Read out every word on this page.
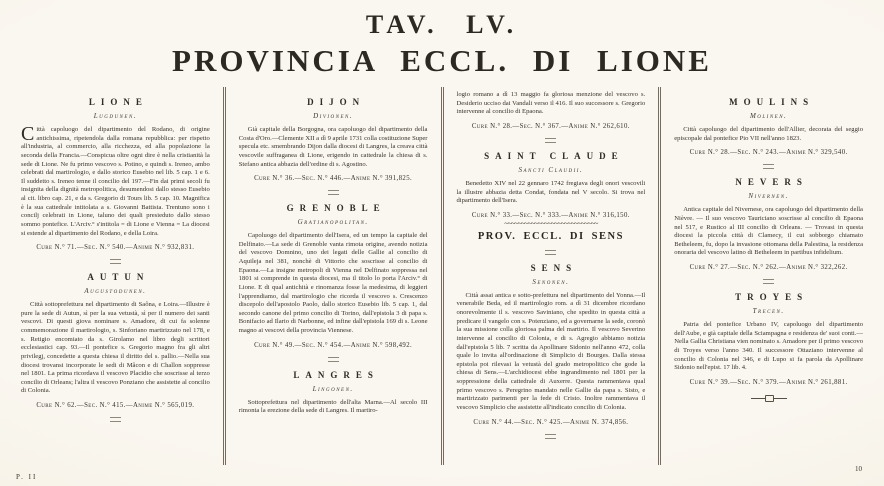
TAV. LV.
PROVINCIA ECCL. DI LIONE
LIONE
Lugdunen.

Città capoluogo del dipartimento del Rodano, di origine antichissima, ripetendola dalla romana repubblica: per rispetto all'industria, al commercio, alla ricchezza, ed alla popolazione la seconda della Francia.—Conspicua oltre ogni dire è nella cristianità la sede di Lione. Ne fu primo vescovo s. Potino, e quindi s. Ireneo, ambo celebrati dal martirologio, e dallo storico Eusebio nel lib. 5 cap. 1 e 6. Il suddetto s. Ireneo tenne il concilio del 197.—Fin dai primi secoli fu insignita della dignità metropolitica, desumendosi dallo stesso Eusebio al cit. libro cap. 21, e da s. Gregorio di Tours lib. 5 cap. 10. Magnifica è la sua cattedrale intitolata a s. Giovanni Battista. Trentuno sono i concilj celebrati in Lione, taluno dei quali presieduto dallo stesso sommo pontefice. L'Arciv.° s'intitola = di Lione e Vienna = La diocesi si estende al dipartimento del Rodano, e della Loira.

Cure N.° 71.—Sec. N.° 540.—Anime N.° 932,831.
AUTUN
Augustodunen.

Città sottoprefettura nel dipartimento di Saôna, e Loira.—Illustre è pure la sede di Autun, sì per la sua vetustà, sì per il numero dei santi vescovi. Di questi giova nominare s. Amadore, di cui fa solenne commemorazione il martirologio, s. Sinforiano martirizzato nel 178, e s. Retigio encomiato da s. Girolamo nel libro degli scrittori ecclesiastici cap. 93.—Il pontefice s. Gregorio magno fra gli altri privilegj, concedette a questa chiesa il diritto del s. pallio.—Nella sua diocesi trovansi incorporate le sedi di Mâcon e di Challon soppresse nel 1801. La prima ricordava il vescovo Placidio che soscrisse al terzo concilio di Orleans; l'altra il vescovo Ponziano che assistette al concilio di Colonia.

Cure N.° 62.—Sec. N.° 415.—Anime N.° 565,019.
DIJON
Divionen.

Già capitale della Borgogna, ora capoluogo del dipartimento della Costa d'Oro.—Clemente XII a dì 9 aprile 1731 colla costituzione Super specula etc. smembrando Dijon dalla diocesi di Langres, la creava città vescovile suffraganea di Lione, erigendo in cattedrale la chiesa di s. Stefano antica abbazia dell'ordine di s. Agostino.

Cure N.° 36.—Sec. N.° 446.—Anime N.° 391,825.
GRENOBLE
Gratianopolitan.

Capoluogo del dipartimento dell'Isera, ed un tempo la capitale del Delfinato.—La sede di Grenoble vanta rimota origine, avendo notizia del vescovo Domnino, uno dei legati delle Gallie al concilio di Aquileja nel 381, nonchè di Vittorio che soscrisse al concilio di Epaona.—La insigne metropoli di Vienna nel Delfinato soppressa nel 1801 si comprende in questa diocesi, ma il titolo lo porta l'Arciv.° di Lione. E di qual antichità e rinomanza fosse la medesima, di leggieri l'apprendiamo, dal martirologio che ricorda il vescovo s. Crescenzo discepolo dell'apostolo Paolo, dallo storico Eusebio lib. 5 cap. 1, dal secondo canone del primo concilio di Torino, dall'epistola 3 di papa s. Bonifacio ad Ilario di Narbonne, ed infine dall'epistola 169 di s. Leone magno ai vescovi della provincia Viennese.

Cure N.° 49.—Sec. N.° 454.—Anime N.° 598,492.
LANGRES
Lingonen.

Sottoprefettura nel dipartimento dell'alta Marna.—Al secolo III rimonta la erezione della sede di Langres. Il martiro-

logio romano a dì 13 maggio fa gloriosa menzione del vescovo s. Desiderio ucciso dai Vandali verso il 416. Il suo successore s. Gregorio intervenne al concilio di Epaona.

Cure N.° 28.—Sec. N.° 367.—Anime N.° 262,610.
SAINT CLAUDE
Sancti Claudii.

Benedetto XIV nel 22 gennaro 1742 fregiava degli onori vescovili la illustre abbazia detta Condat, fondata nel V secolo. Si trova nel dipartimento dell'Isera.

Cure N.° 33.—Sec. N.° 333.—Anime N.° 316,150.
~~~~~~~~~~~~~~~~~~~~~~~~~~~~
PROV. ECCL. DI SENS
SENS
Senonen.

Città assai antica e sotto-prefettura nel dipartimento del Yonna.—Il venerabile Beda, ed il martirologio rom. a dì 31 dicembre ricordano onorevolmente il s. vescovo Saviniano, che spedito in questa città a predicare il vangelo con s. Potenziano, ed a governarne la sede, coronò la sua missione colla gloriosa palma del martirio. Il vescovo Severino intervenne al concilio di Colonia, e di s. Agregio abbiamo notizia dall'epistola 5 lib. 7 scritta da Apollinare Sidonio nell'anno 472, colla quale lo invita all'ordinazione di Simplicio di Bourges. Dalla stessa epistola poi rilevasi la vetustà del grado metropolitico che gode la chiesa di Sens.—L'archidiocesi ebbe ingrandimento nel 1801 per la soppressione della cattedrale di Auxerre. Questa rammentava qual primo vescovo s. Peregrino mandato nelle Gallie da papa s. Sisto, e martirizzato parimenti per la fede di Cristo. Inoltre rammentava il vescovo Simplicio che assistette all'indicato concilio di Colonia.

Cure N.° 44.—Sec. N.° 425.—Anime N. 374,856.
MOULINS
Molinen.

Città capoluogo del dipartimento dell'Allier, decorata del seggio episcopale dal pontefice Pio VII nell'anno 1823.

Cure N.° 28.—Sec. N.° 243.—Anime N.° 329,540.
NEVERS
Nivernen.

Antica capitale del Nivernese, ora capoluogo del dipartimento della Nièvre. — Il suo vescovo Tauriciano soscrisse al concilio di Epaona nel 517, e Rustico al III concilio di Orleans. — Trovasi in questa diocesi la piccola città di Clamecy, il cui sobborgo chiamato Betheleem, fu, dopo la invasione ottomana della Palestina, la residenza onoraria del vescovo latino di Betheleem in partibus infidelium.

Cure N.° 27.—Sec. N.° 262.—Anime N.° 322,262.
TROYES
Trecen.

Patria del pontefice Urbano IV, capoluogo del dipartimento dell'Aube, e già capitale della Sciampagna e residenza de' suoi conti.—Nella Gallia Christiana vien nominato s. Amadore per il primo vescovo di Troyes verso l'anno 340. Il successore Ottaziano intervenne al concilio di Colonia nel 346, e di Lupo si fa parola da Apollinare Sidonio nell'epist. 17 lib. 4.

Cure N.° 39.—Sec. N.° 379.—Anime N.° 261,881.
P. II
10
